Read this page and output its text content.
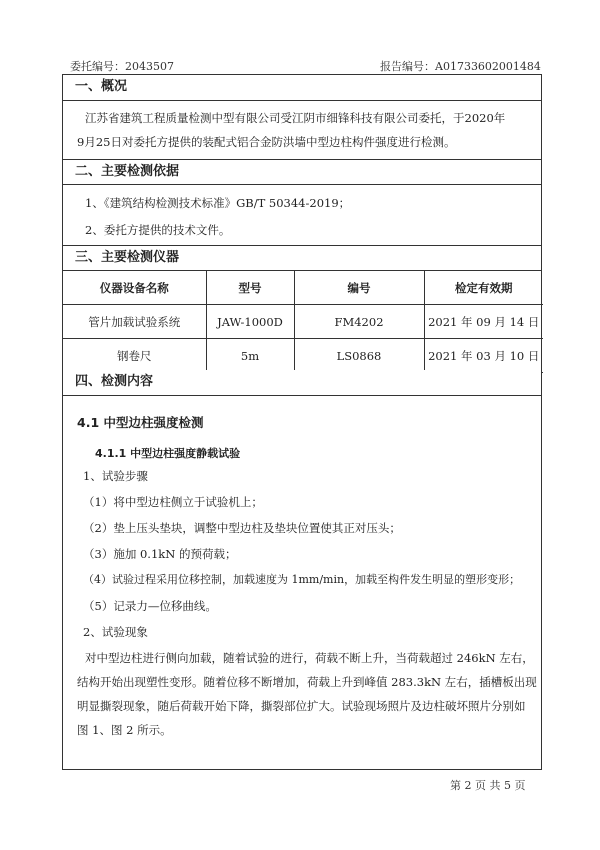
委托编号：2043507	报告编号：A01733602001484
一、概况
江苏省建筑工程质量检测中型有限公司受江阴市细锋科技有限公司委托，于2020年
9月25日对委托方提供的装配式铝合金防洪墙中型边柱构件强度进行检测。
二、主要检测依据
1、《建筑结构检测技术标准》GB/T 50344-2019；
2、委托方提供的技术文件。
三、主要检测仪器
仪器设备名称	型号	编号	检定有效期
管片加载试验系统	JAW-1000D	FM4202	2021 年 09 月 14 日
钢卷尺	5m	LS0868	2021 年 03 月 10 日
四、检测内容
4.1 中型边柱强度检测
4.1.1 中型边柱强度静载试验
1、试验步骤
（1）将中型边柱侧立于试验机上；
（2）垫上压头垫块，调整中型边柱及垫块位置使其正对压头；
（3）施加 0.1kN 的预荷载；
（4）试验过程采用位移控制，加载速度为 1mm/min，加载至构件发生明显的塑形变形；
（5）记录力—位移曲线。
2、试验现象
对中型边柱进行侧向加载，随着试验的进行，荷载不断上升，当荷载超过 246kN 左右，
结构开始出现塑性变形。随着位移不断增加，荷载上升到峰值 283.3kN 左右，插槽板出现
明显撕裂现象，随后荷载开始下降，撕裂部位扩大。试验现场照片及边柱破坏照片分别如
图 1、图 2 所示。
第 2 页 共 5 页
